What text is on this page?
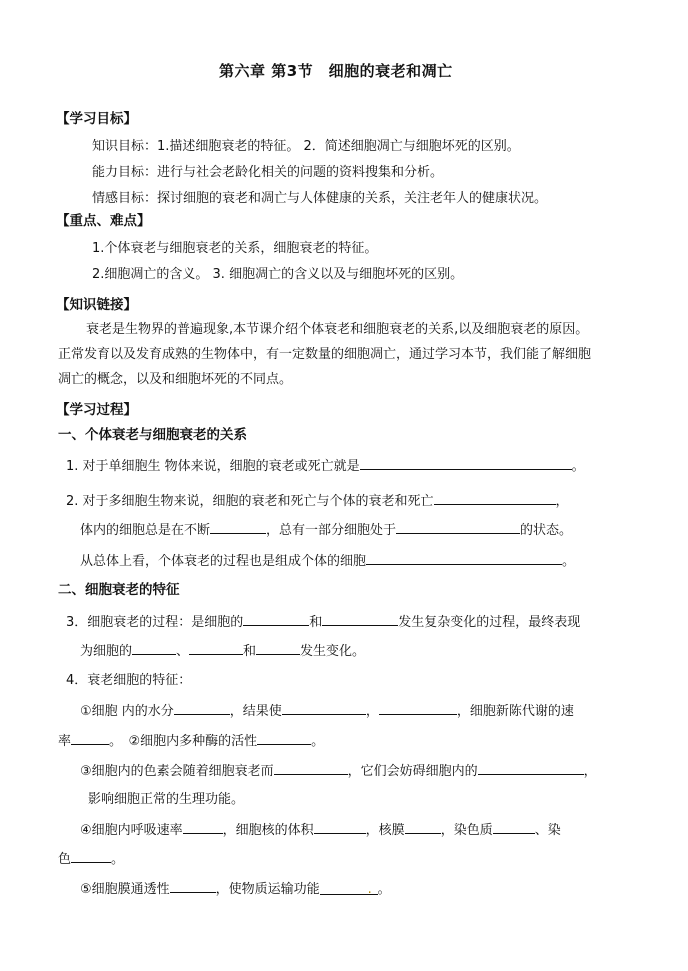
第六章 第3节　细胞的衰老和凋亡
【学习目标】
知识目标：1.描述细胞衰老的特征。 2．简述细胞凋亡与细胞坏死的区别。
能力目标：进行与社会老龄化相关的问题的资料搜集和分析。
情感目标：探讨细胞的衰老和凋亡与人体健康的关系，关注老年人的健康状况。
【重点、难点】
1.个体衰老与细胞衰老的关系，细胞衰老的特征。
2.细胞凋亡的含义。 3. 细胞凋亡的含义以及与细胞坏死的区别。
【知识链接】
衰老是生物界的普遍现象,本节课介绍个体衰老和细胞衰老的关系,以及细胞衰老的原因。
正常发育以及发育成熟的生物体中，有一定数量的细胞凋亡，通过学习本节，我们能了解细胞
凋亡的概念，以及和细胞坏死的不同点。
【学习过程】
一、个体衰老与细胞衰老的关系
1. 对于单细胞生 物体来说，细胞的衰老或死亡就是	。
2. 对于多细胞生物来说，细胞的衰老和死亡与个体的衰老和死亡	，
体内的细胞总是在不断	，总有一部分细胞处于	的状态。
从总体上看，个体衰老的过程也是组成个体的细胞	。
二、细胞衰老的特征
3．细胞衰老的过程：是细胞的	和	发生复杂变化的过程，最终表现
为细胞的	、	和	发生变化。
4．衰老细胞的特征：
①细胞 内的水分	，结果使	，	，细胞新陈代谢的速
率	。　②细胞内多种酶的活性	。
③细胞内的色素会随着细胞衰老而	，它们会妨碍细胞内的	，
影响细胞正常的生理功能。
④细胞内呼吸速率	，细胞核的体积	，核膜	，染色质	、染
色	。
⑤细胞膜通透性	，使物质运输功能	. 。
